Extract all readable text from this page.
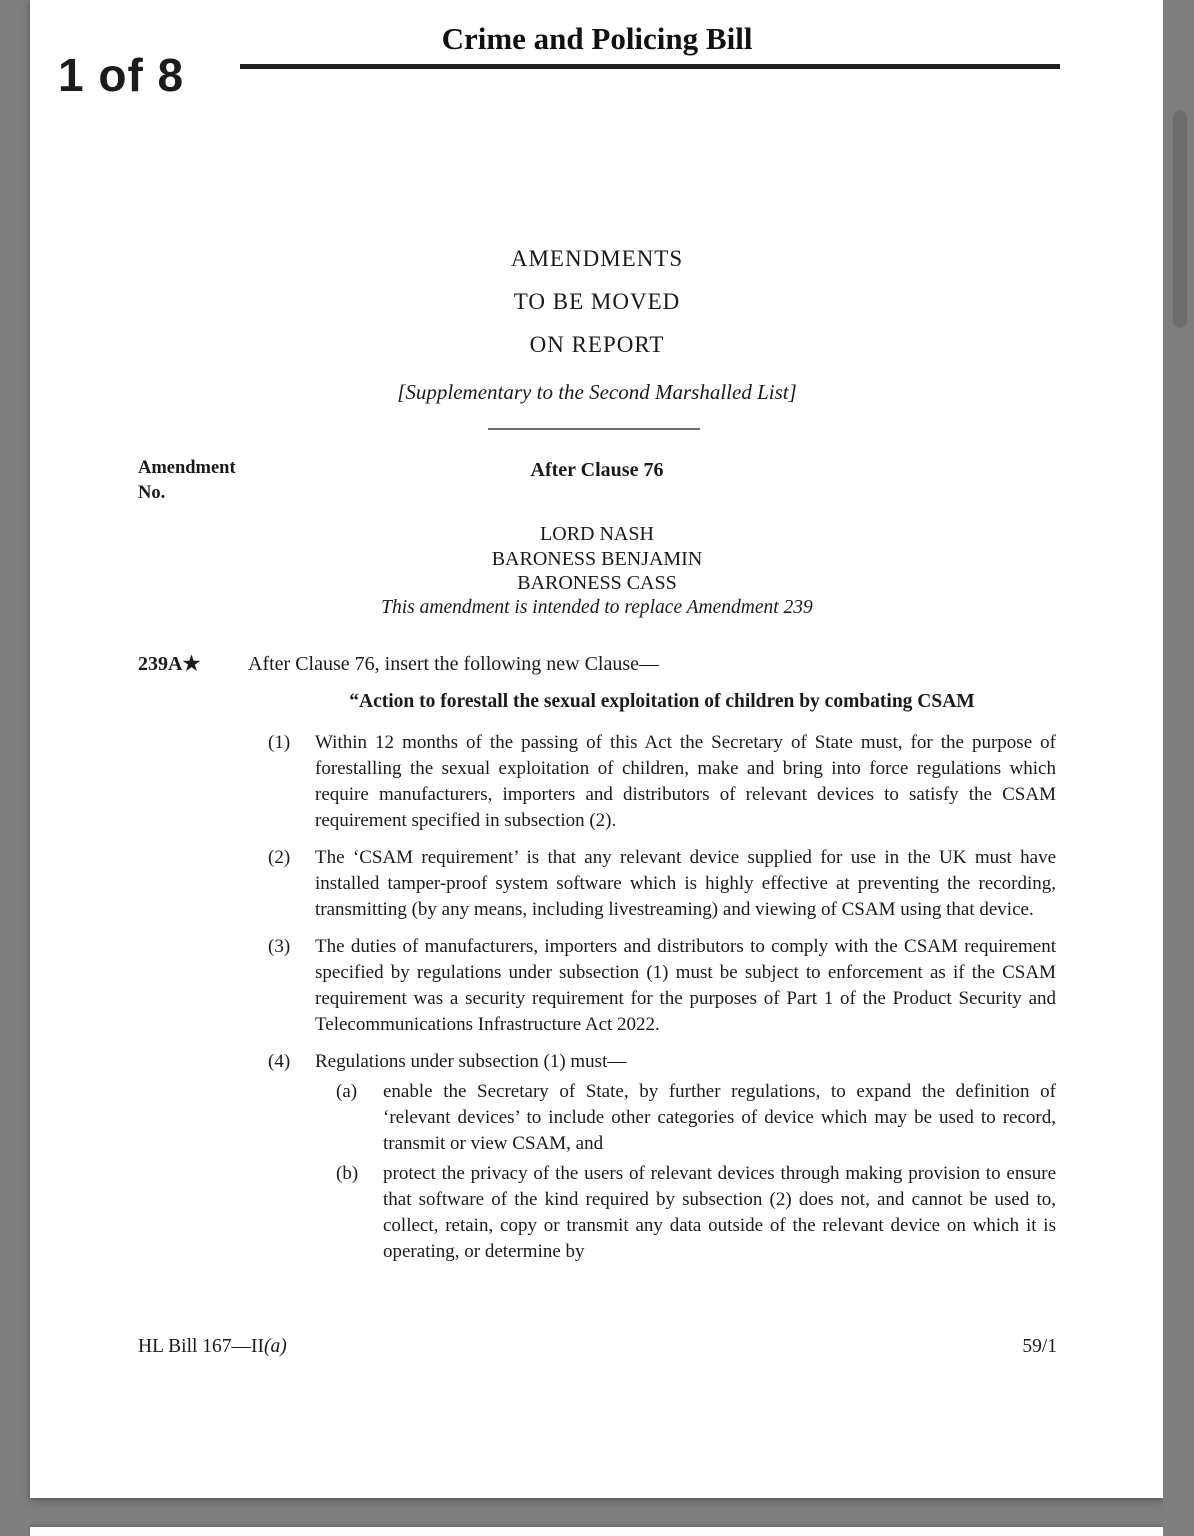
Crime and Policing Bill
AMENDMENTS
TO BE MOVED
ON REPORT
[Supplementary to the Second Marshalled List]
Amendment
No.
After Clause 76
LORD NASH
BARONESS BENJAMIN
BARONESS CASS
This amendment is intended to replace Amendment 239
239A★ After Clause 76, insert the following new Clause—
“Action to forestall the sexual exploitation of children by combating CSAM
(1) Within 12 months of the passing of this Act the Secretary of State must, for the purpose of forestalling the sexual exploitation of children, make and bring into force regulations which require manufacturers, importers and distributors of relevant devices to satisfy the CSAM requirement specified in subsection (2).
(2) The ‘CSAM requirement’ is that any relevant device supplied for use in the UK must have installed tamper-proof system software which is highly effective at preventing the recording, transmitting (by any means, including livestreaming) and viewing of CSAM using that device.
(3) The duties of manufacturers, importers and distributors to comply with the CSAM requirement specified by regulations under subsection (1) must be subject to enforcement as if the CSAM requirement was a security requirement for the purposes of Part 1 of the Product Security and Telecommunications Infrastructure Act 2022.
(4) Regulations under subsection (1) must—
(a) enable the Secretary of State, by further regulations, to expand the definition of ‘relevant devices’ to include other categories of device which may be used to record, transmit or view CSAM, and
(b) protect the privacy of the users of relevant devices through making provision to ensure that software of the kind required by subsection (2) does not, and cannot be used to, collect, retain, copy or transmit any data outside of the relevant device on which it is operating, or determine by
HL Bill 167—II(a)	59/1
1 of 8
